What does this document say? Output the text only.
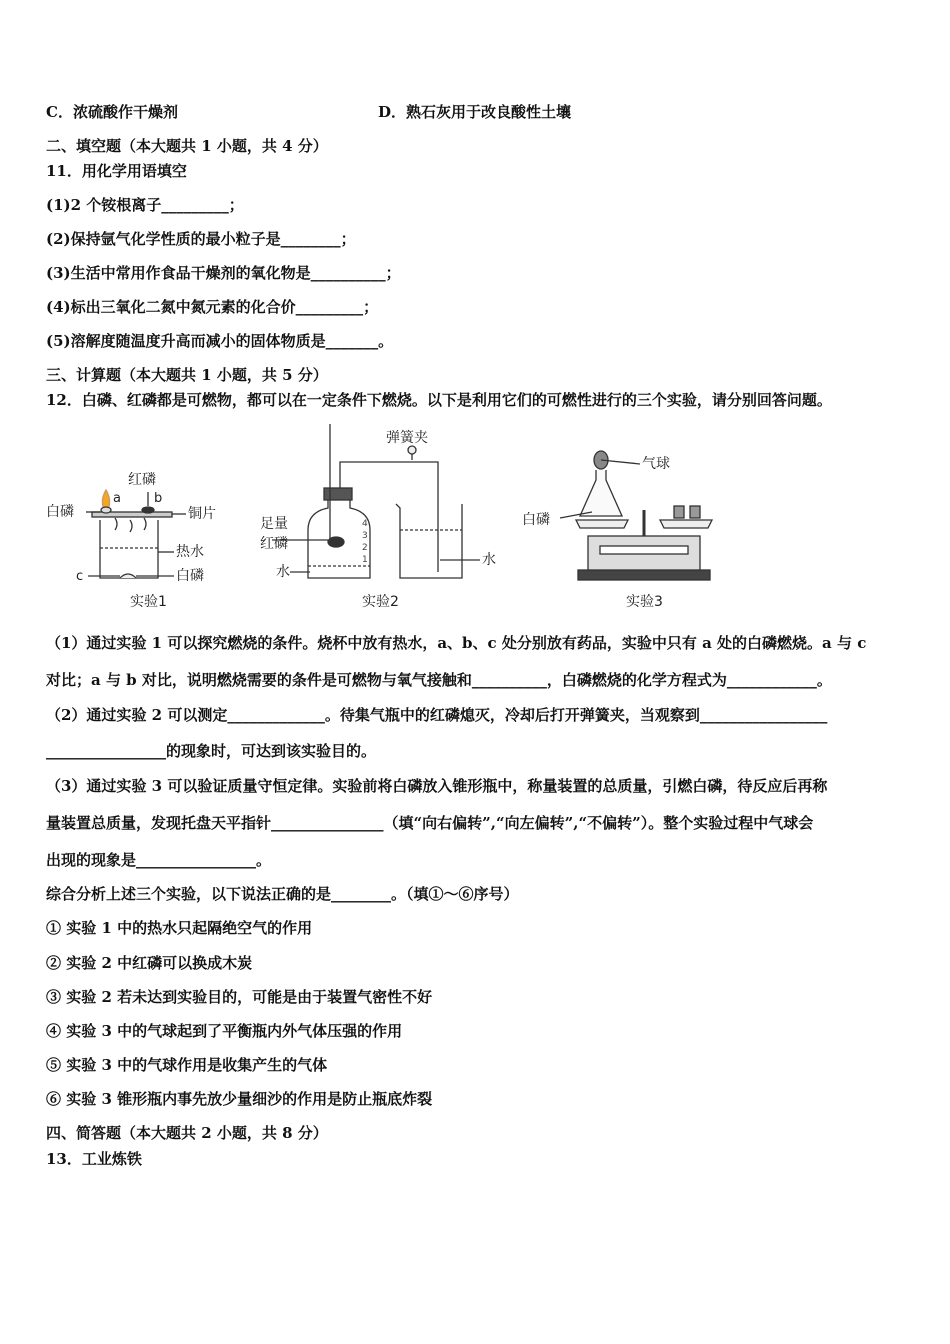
C．浓硫酸作干燥剂	D．熟石灰用于改良酸性土壤
二、填空题（本大题共 1 小题，共 4 分）
11．用化学用语填空
(1)2 个铵根离子_________；
(2)保持氩气化学性质的最小粒子是________；
(3)生活中常用作食品干燥剂的氧化物是__________；
(4)标出三氧化二氮中氮元素的化合价_________；
(5)溶解度随温度升高而减小的固体物质是_______。
三、计算题（本大题共 1 小题，共 5 分）
12．白磷、红磷都是可燃物，都可以在一定条件下燃烧。以下是利用它们的可燃性进行的三个实验，请分别回答问题。
红磷
白磷
a	b
铜片
热水
白磷
c
实验1
弹簧夹
足量
红磷
水
水
4
3
2
1
实验2
气球
白磷
实验3
（1）通过实验 1 可以探究燃烧的条件。烧杯中放有热水，a、b、c 处分别放有药品，实验中只有 a 处的白磷燃烧。a 与 c
对比；a 与 b 对比，说明燃烧需要的条件是可燃物与氧气接触和__________，白磷燃烧的化学方程式为____________。
（2）通过实验 2 可以测定_____________。待集气瓶中的红磷熄灭，冷却后打开弹簧夹，当观察到_________________
________________的现象时，可达到该实验目的。
（3）通过实验 3 可以验证质量守恒定律。实验前将白磷放入锥形瓶中，称量装置的总质量，引燃白磷，待反应后再称
量装置总质量，发现托盘天平指针_______________（填“向右偏转”,“向左偏转”,“不偏转”）。整个实验过程中气球会
出现的现象是________________。
综合分析上述三个实验，以下说法正确的是________。（填①～⑥序号）
① 实验 1 中的热水只起隔绝空气的作用
② 实验 2 中红磷可以换成木炭
③ 实验 2 若未达到实验目的，可能是由于装置气密性不好
④ 实验 3 中的气球起到了平衡瓶内外气体压强的作用
⑤ 实验 3 中的气球作用是收集产生的气体
⑥ 实验 3 锥形瓶内事先放少量细沙的作用是防止瓶底炸裂
四、简答题（本大题共 2 小题，共 8 分）
13．工业炼铁
